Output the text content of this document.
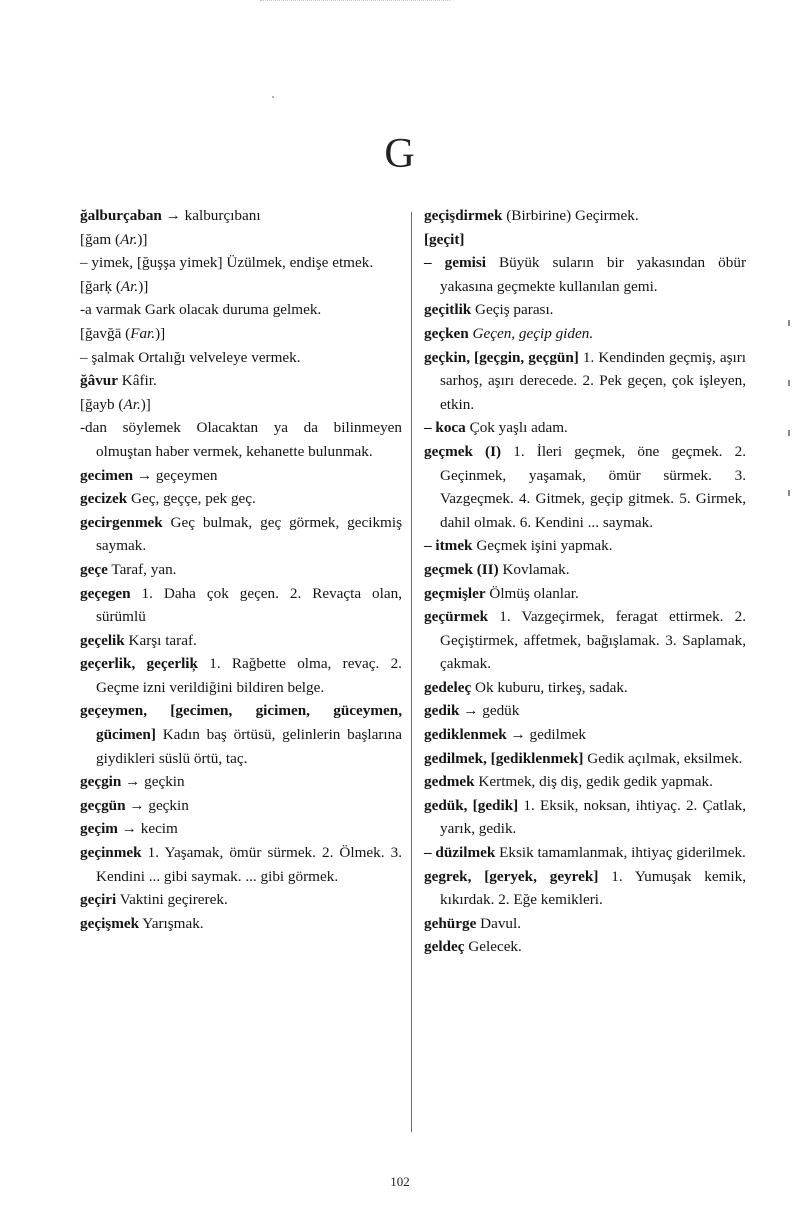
G

ğalburçaban → kalburçıbanı

[ğam (Ar.)]

– yimek, [ğuşşa yimek] Üzülmek, endişe etmek.

[ğarķ (Ar.)]

-a varmak Gark olacak duruma gelmek.

[ğavğā (Far.)]

– şalmak Ortalığı velveleye vermek.

ğâvur Kâfir.

[ğayb (Ar.)]

-dan söylemek Olacaktan ya da bilinmeyen olmuştan haber vermek, kehanette bulunmak.

gecimen → geçeymen

gecizek Geç, geççe, pek geç.

gecirgenmek Geç bulmak, geç görmek, gecikmiş saymak.

geçe Taraf, yan.

geçegen 1. Daha çok geçen. 2. Revaçta olan, sürümlü

geçelik Karşı taraf.

geçerlik, geçerliķ 1. Rağbette olma, revaç. 2. Geçme izni verildiğini bildiren belge.

geçeymen, [gecimen, gicimen, güceymen, gücimen] Kadın baş örtüsü, gelinlerin başlarına giydikleri süslü örtü, taç.

geçgin → geçkin

geçgün → geçkin

geçim → kecim

geçinmek 1. Yaşamak, ömür sürmek. 2. Ölmek. 3. Kendini ... gibi saymak. ... gibi görmek.

geçiri Vaktini geçirerek.

geçişmek Yarışmak.

geçişdirmek (Birbirine) Geçirmek.

[geçit]

– gemisi Büyük suların bir yakasından öbür yakasına geçmekte kullanılan gemi.

geçitlik Geçiş parası.

geçken Geçen, geçip giden.

geçkin, [geçgin, geçgün] 1. Kendinden geçmiş, aşırı sarhoş, aşırı derecede. 2. Pek geçen, çok işleyen, etkin.

– koca Çok yaşlı adam.

geçmek (I) 1. İleri geçmek, öne geçmek. 2. Geçinmek, yaşamak, ömür sürmek. 3. Vazgeçmek. 4. Gitmek, geçip gitmek. 5. Girmek, dahil olmak. 6. Kendini ... saymak.

– itmek Geçmek işini yapmak.

geçmek (II) Kovlamak.

geçmişler Ölmüş olanlar.

geçürmek 1. Vazgeçirmek, feragat ettirmek. 2. Geçiştirmek, affetmek, bağışlamak. 3. Saplamak, çakmak.

gedeleç Ok kuburu, tirkeş, sadak.

gedik → gedük

gediklenmek → gedilmek

gedilmek, [gediklenmek] Gedik açılmak, eksilmek.

gedmek Kertmek, diş diş, gedik gedik yapmak.

gedük, [gedik] 1. Eksik, noksan, ihtiyaç. 2. Çatlak, yarık, gedik.

– düzilmek Eksik tamamlanmak, ihtiyaç giderilmek.

gegrek, [geryek, geyrek] 1. Yumuşak kemik, kıkırdak. 2. Eğe kemikleri.

gehürge Davul.

geldeç Gelecek.

102
